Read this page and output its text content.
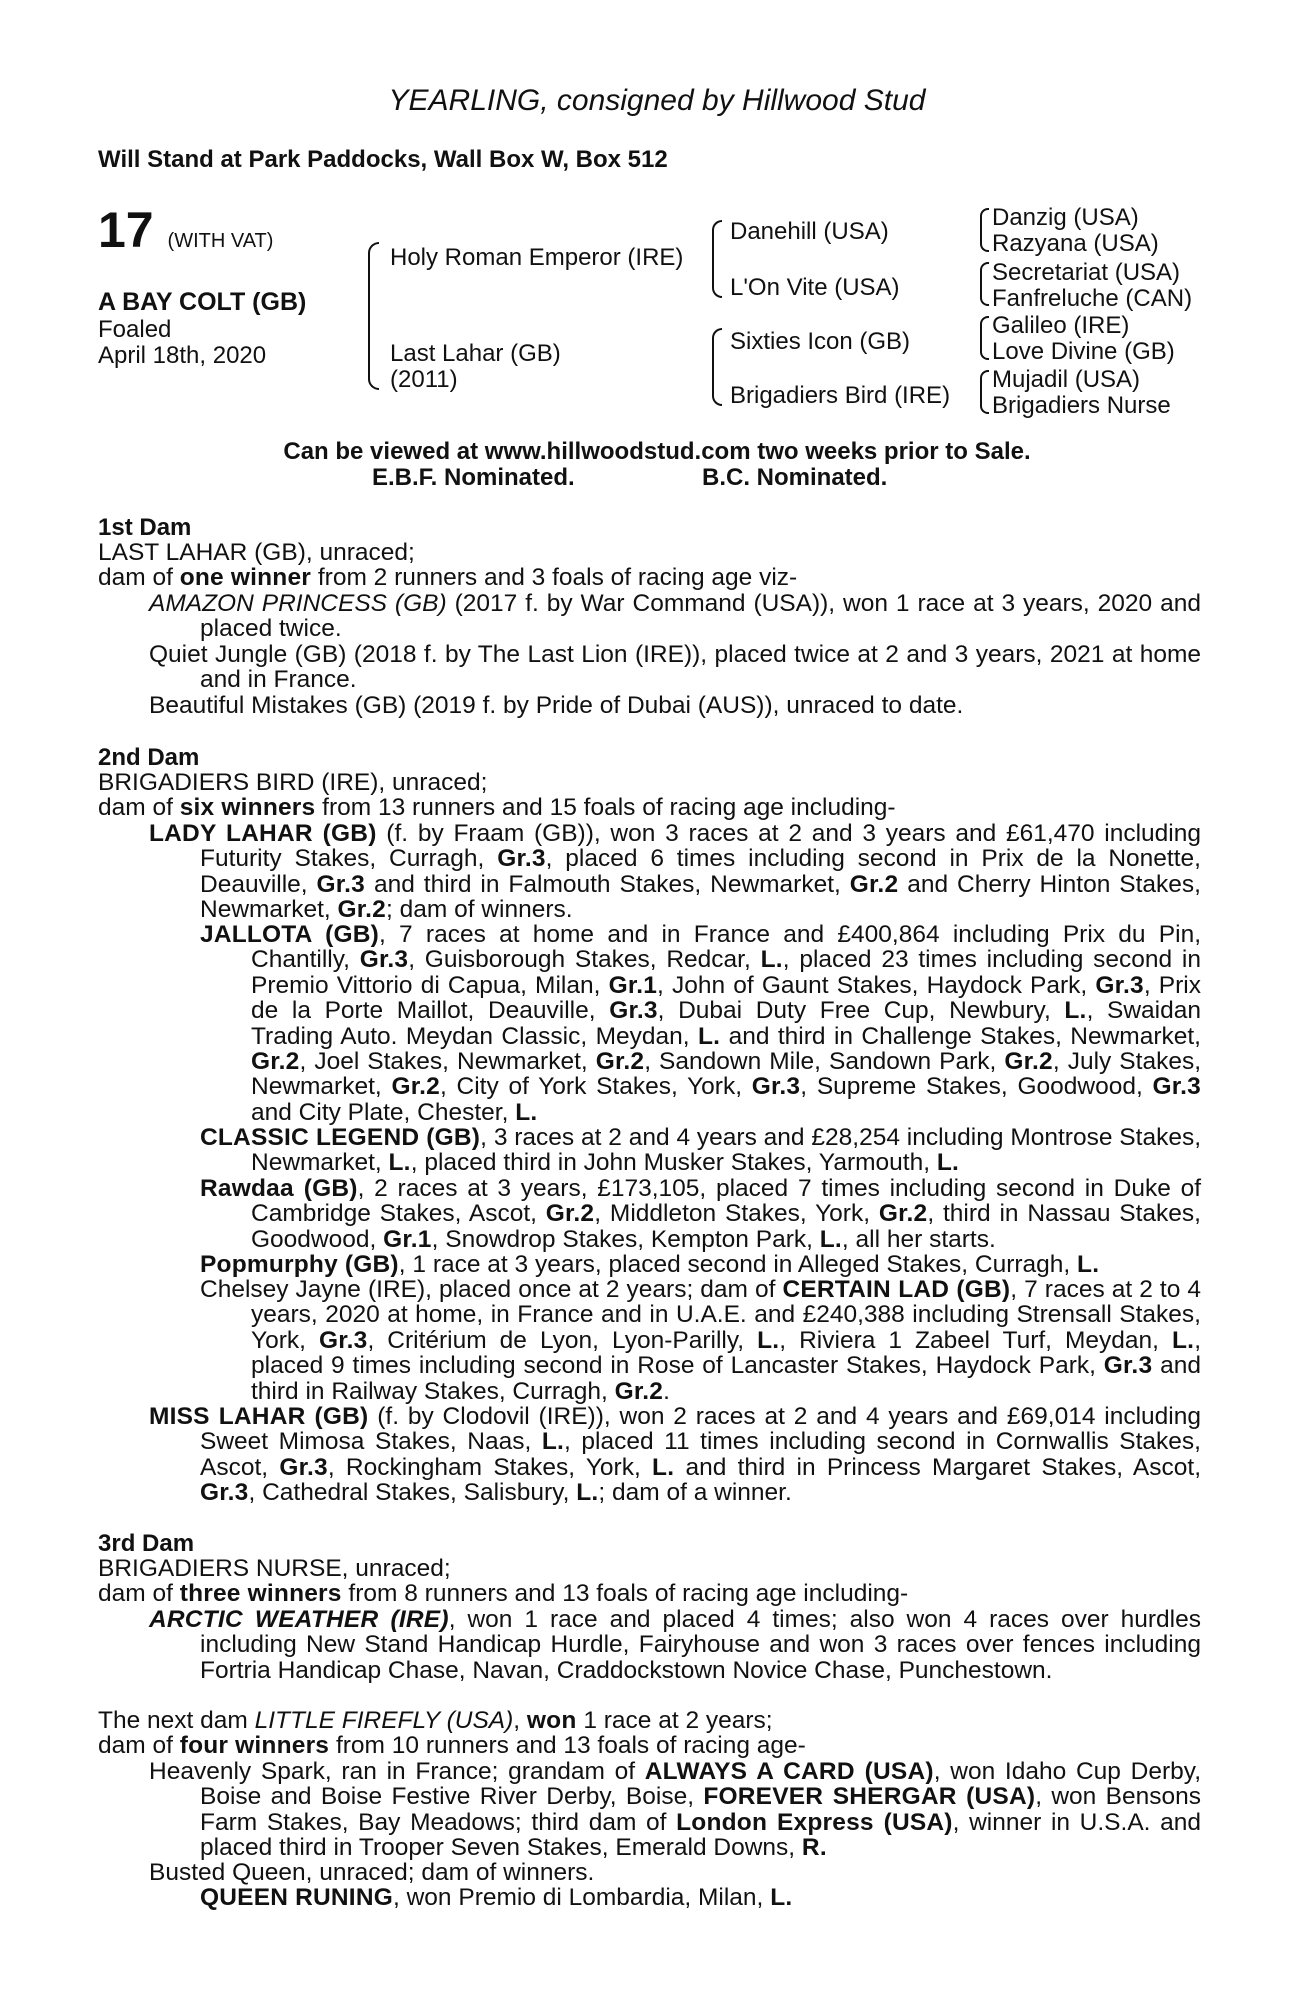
YEARLING, consigned by Hillwood Stud
Will Stand at Park Paddocks, Wall Box W, Box 512
17 (WITH VAT)
A BAY COLT (GB)
Foaled
April 18th, 2020
Holy Roman Emperor (IRE)
Last Lahar (GB)
(2011)
Danehill (USA)
L'On Vite (USA)
Sixties Icon (GB)
Brigadiers Bird (IRE)
Danzig (USA)
Razyana (USA)
Secretariat (USA)
Fanfreluche (CAN)
Galileo (IRE)
Love Divine (GB)
Mujadil (USA)
Brigadiers Nurse
Can be viewed at www.hillwoodstud.com two weeks prior to Sale.
E.B.F. Nominated.	B.C. Nominated.
1st Dam
LAST LAHAR (GB), unraced;
dam of one winner from 2 runners and 3 foals of racing age viz-
AMAZON PRINCESS (GB) (2017 f. by War Command (USA)), won 1 race at 3 years, 2020 and placed twice.
Quiet Jungle (GB) (2018 f. by The Last Lion (IRE)), placed twice at 2 and 3 years, 2021 at home and in France.
Beautiful Mistakes (GB) (2019 f. by Pride of Dubai (AUS)), unraced to date.
2nd Dam
BRIGADIERS BIRD (IRE), unraced;
dam of six winners from 13 runners and 15 foals of racing age including-
LADY LAHAR (GB) (f. by Fraam (GB)), won 3 races at 2 and 3 years and £61,470 including Futurity Stakes, Curragh, Gr.3, placed 6 times including second in Prix de la Nonette, Deauville, Gr.3 and third in Falmouth Stakes, Newmarket, Gr.2 and Cherry Hinton Stakes, Newmarket, Gr.2; dam of winners.
JALLOTA (GB), 7 races at home and in France and £400,864 including Prix du Pin, Chantilly, Gr.3, Guisborough Stakes, Redcar, L., placed 23 times including second in Premio Vittorio di Capua, Milan, Gr.1, John of Gaunt Stakes, Haydock Park, Gr.3, Prix de la Porte Maillot, Deauville, Gr.3, Dubai Duty Free Cup, Newbury, L., Swaidan Trading Auto. Meydan Classic, Meydan, L. and third in Challenge Stakes, Newmarket, Gr.2, Joel Stakes, Newmarket, Gr.2, Sandown Mile, Sandown Park, Gr.2, July Stakes, Newmarket, Gr.2, City of York Stakes, York, Gr.3, Supreme Stakes, Goodwood, Gr.3 and City Plate, Chester, L.
CLASSIC LEGEND (GB), 3 races at 2 and 4 years and £28,254 including Montrose Stakes, Newmarket, L., placed third in John Musker Stakes, Yarmouth, L.
Rawdaa (GB), 2 races at 3 years, £173,105, placed 7 times including second in Duke of Cambridge Stakes, Ascot, Gr.2, Middleton Stakes, York, Gr.2, third in Nassau Stakes, Goodwood, Gr.1, Snowdrop Stakes, Kempton Park, L., all her starts.
Popmurphy (GB), 1 race at 3 years, placed second in Alleged Stakes, Curragh, L.
Chelsey Jayne (IRE), placed once at 2 years; dam of CERTAIN LAD (GB), 7 races at 2 to 4 years, 2020 at home, in France and in U.A.E. and £240,388 including Strensall Stakes, York, Gr.3, Critérium de Lyon, Lyon-Parilly, L., Riviera 1 Zabeel Turf, Meydan, L., placed 9 times including second in Rose of Lancaster Stakes, Haydock Park, Gr.3 and third in Railway Stakes, Curragh, Gr.2.
MISS LAHAR (GB) (f. by Clodovil (IRE)), won 2 races at 2 and 4 years and £69,014 including Sweet Mimosa Stakes, Naas, L., placed 11 times including second in Cornwallis Stakes, Ascot, Gr.3, Rockingham Stakes, York, L. and third in Princess Margaret Stakes, Ascot, Gr.3, Cathedral Stakes, Salisbury, L.; dam of a winner.
3rd Dam
BRIGADIERS NURSE, unraced;
dam of three winners from 8 runners and 13 foals of racing age including-
ARCTIC WEATHER (IRE), won 1 race and placed 4 times; also won 4 races over hurdles including New Stand Handicap Hurdle, Fairyhouse and won 3 races over fences including Fortria Handicap Chase, Navan, Craddockstown Novice Chase, Punchestown.
The next dam LITTLE FIREFLY (USA), won 1 race at 2 years;
dam of four winners from 10 runners and 13 foals of racing age-
Heavenly Spark, ran in France; grandam of ALWAYS A CARD (USA), won Idaho Cup Derby, Boise and Boise Festive River Derby, Boise, FOREVER SHERGAR (USA), won Bensons Farm Stakes, Bay Meadows; third dam of London Express (USA), winner in U.S.A. and placed third in Trooper Seven Stakes, Emerald Downs, R.
Busted Queen, unraced; dam of winners.
QUEEN RUNING, won Premio di Lombardia, Milan, L.
